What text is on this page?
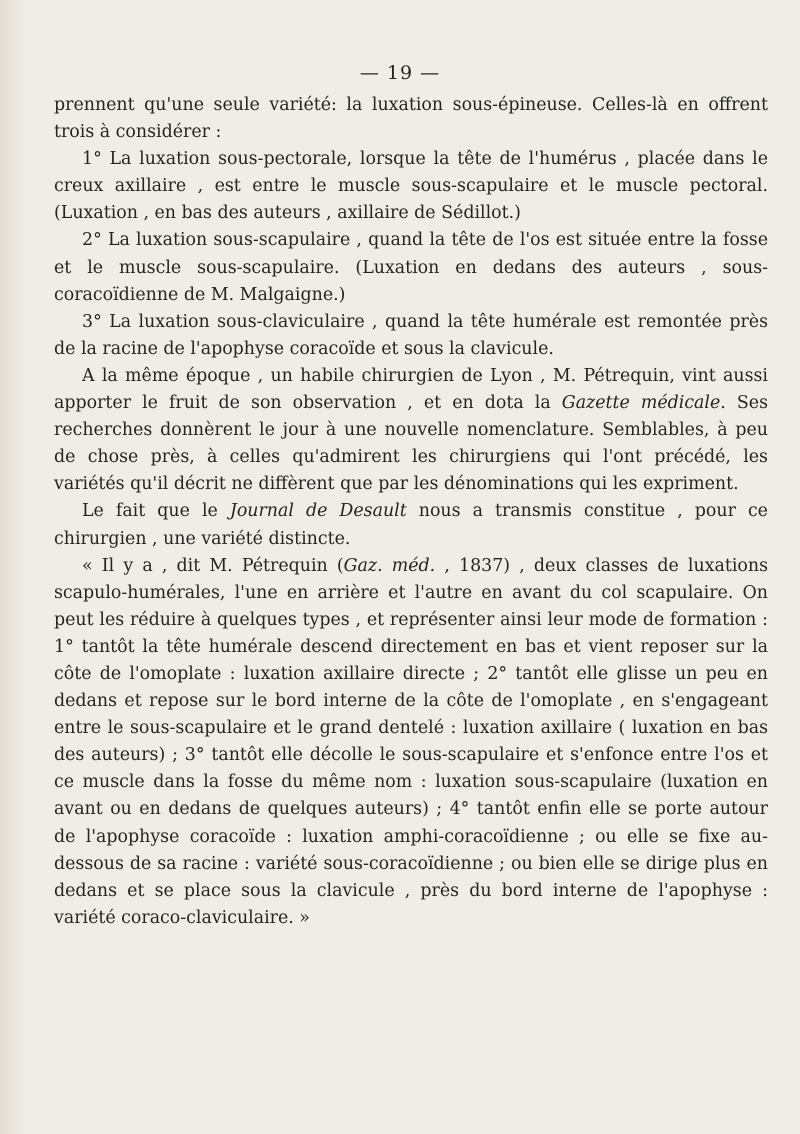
— 19 —

prennent qu'une seule variété: la luxation sous-épineuse. Celles-là en offrent trois à considérer :

1° La luxation sous-pectorale, lorsque la tête de l'humérus , placée dans le creux axillaire , est entre le muscle sous-scapulaire et le muscle pectoral. (Luxation , en bas des auteurs , axillaire de Sédillot.)

2° La luxation sous-scapulaire , quand la tête de l'os est située entre la fosse et le muscle sous-scapulaire. (Luxation en dedans des auteurs , sous-coracoïdienne de M. Malgaigne.)

3° La luxation sous-claviculaire , quand la tête humérale est remontée près de la racine de l'apophyse coracoïde et sous la clavicule.

A la même époque , un habile chirurgien de Lyon , M. Pétrequin, vint aussi apporter le fruit de son observation , et en dota la Gazette médicale. Ses recherches donnèrent le jour à une nouvelle nomenclature. Semblables, à peu de chose près, à celles qu'admirent les chirurgiens qui l'ont précédé, les variétés qu'il décrit ne diffèrent que par les dénominations qui les expriment.

Le fait que le Journal de Desault nous a transmis constitue , pour ce chirurgien , une variété distincte.

« Il y a , dit M. Pétrequin (Gaz. méd. , 1837) , deux classes de luxations scapulo-humérales, l'une en arrière et l'autre en avant du col scapulaire. On peut les réduire à quelques types , et représenter ainsi leur mode de formation : 1° tantôt la tête humérale descend directement en bas et vient reposer sur la côte de l'omoplate : luxation axillaire directe ; 2° tantôt elle glisse un peu en dedans et repose sur le bord interne de la côte de l'omoplate , en s'engageant entre le sous-scapulaire et le grand dentelé : luxation axillaire ( luxation en bas des auteurs) ; 3° tantôt elle décolle le sous-scapulaire et s'enfonce entre l'os et ce muscle dans la fosse du même nom : luxation sous-scapulaire (luxation en avant ou en dedans de quelques auteurs) ; 4° tantôt enfin elle se porte autour de l'apophyse coracoïde : luxation amphi-coracoïdienne ; ou elle se fixe au-dessous de sa racine : variété sous-coracoïdienne ; ou bien elle se dirige plus en dedans et se place sous la clavicule , près du bord interne de l'apophyse : variété coraco-claviculaire. »
